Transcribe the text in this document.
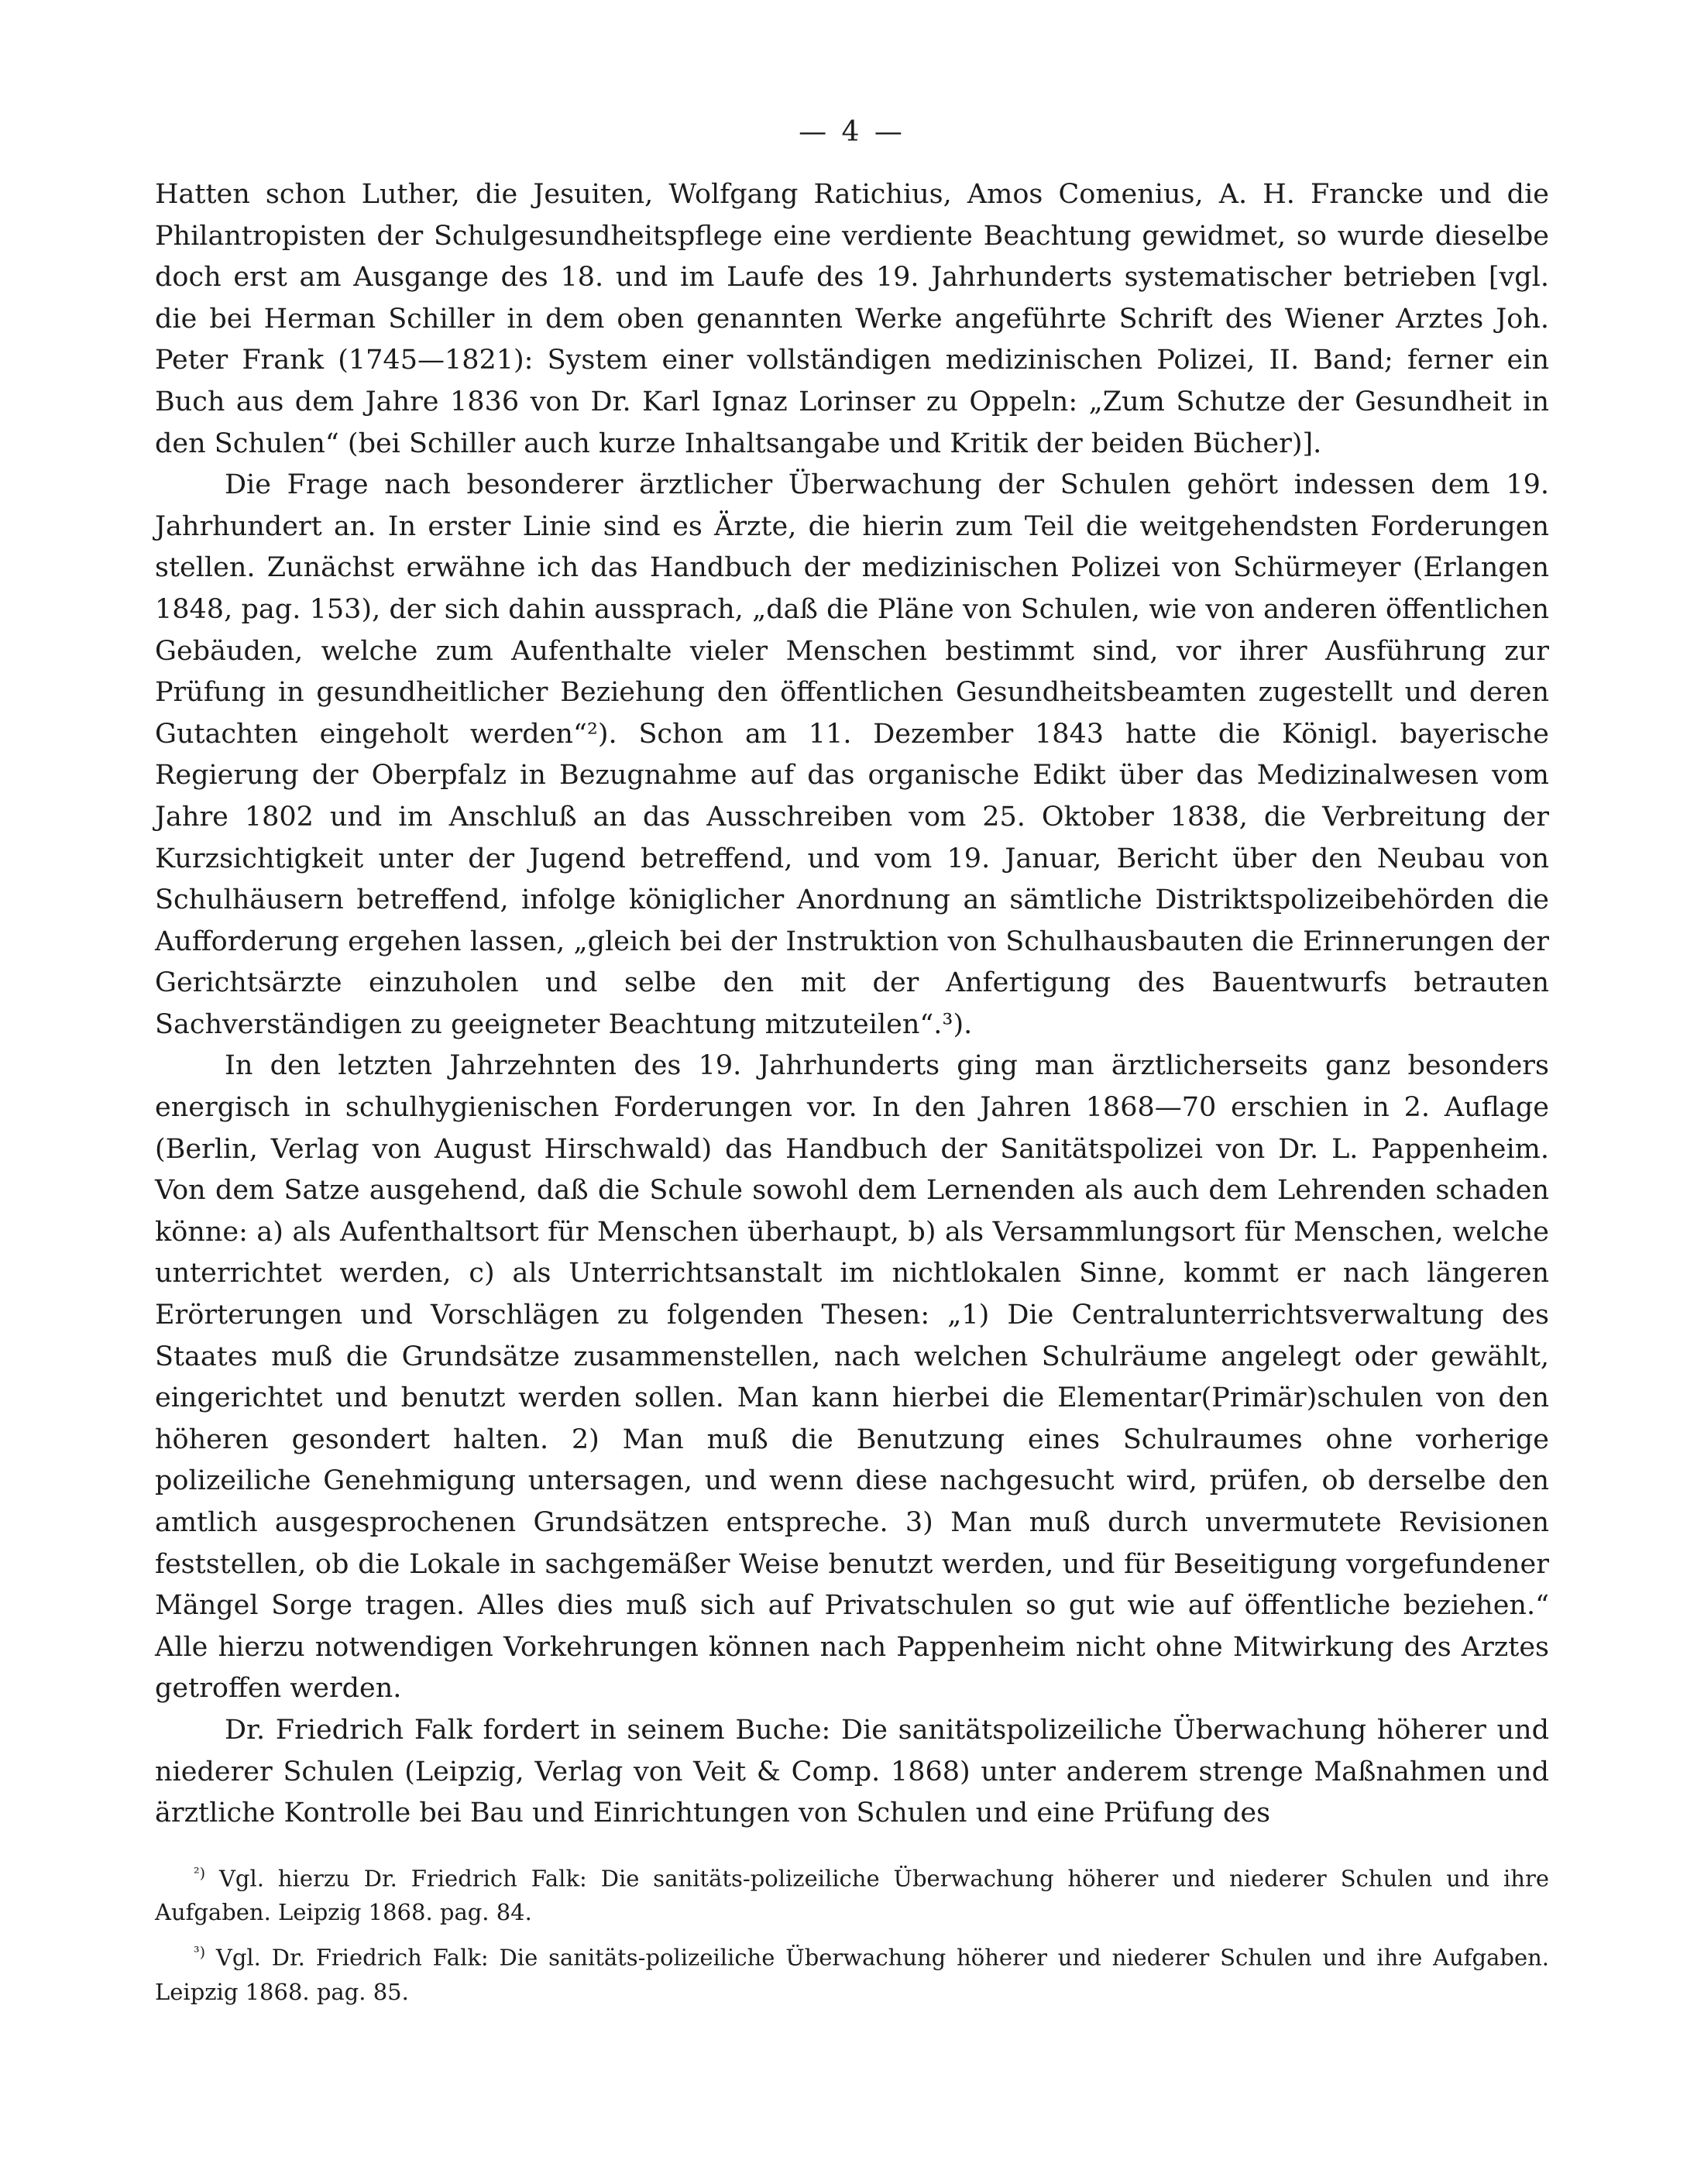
— 4 —

Hatten schon Luther, die Jesuiten, Wolfgang Ratichius, Amos Comenius, A. H. Francke und die Philantropisten der Schulgesundheitspflege eine verdiente Beachtung gewidmet, so wurde dieselbe doch erst am Ausgange des 18. und im Laufe des 19. Jahrhunderts systematischer betrieben [vgl. die bei Herman Schiller in dem oben genannten Werke angeführte Schrift des Wiener Arztes Joh. Peter Frank (1745—1821): System einer vollständigen medizinischen Polizei, II. Band; ferner ein Buch aus dem Jahre 1836 von Dr. Karl Ignaz Lorinser zu Oppeln: „Zum Schutze der Gesundheit in den Schulen“ (bei Schiller auch kurze Inhaltsangabe und Kritik der beiden Bücher)].

Die Frage nach besonderer ärztlicher Überwachung der Schulen gehört indessen dem 19. Jahrhundert an. In erster Linie sind es Ärzte, die hierin zum Teil die weitgehendsten Forderungen stellen. Zunächst erwähne ich das Handbuch der medizinischen Polizei von Schürmeyer (Erlangen 1848, pag. 153), der sich dahin aussprach, „daß die Pläne von Schulen, wie von anderen öffentlichen Gebäuden, welche zum Aufenthalte vieler Menschen bestimmt sind, vor ihrer Ausführung zur Prüfung in gesundheitlicher Beziehung den öffentlichen Gesundheitsbeamten zugestellt und deren Gutachten eingeholt werden“²). Schon am 11. Dezember 1843 hatte die Königl. bayerische Regierung der Oberpfalz in Bezugnahme auf das organische Edikt über das Medizinalwesen vom Jahre 1802 und im Anschluß an das Ausschreiben vom 25. Oktober 1838, die Verbreitung der Kurzsichtigkeit unter der Jugend betreffend, und vom 19. Januar, Bericht über den Neubau von Schulhäusern betreffend, infolge königlicher Anordnung an sämtliche Distriktspolizeibehörden die Aufforderung ergehen lassen, „gleich bei der Instruktion von Schulhausbauten die Erinnerungen der Gerichtsärzte einzuholen und selbe den mit der Anfertigung des Bauentwurfs betrauten Sachverständigen zu geeigneter Beachtung mitzuteilen“.³).

In den letzten Jahrzehnten des 19. Jahrhunderts ging man ärztlicherseits ganz besonders energisch in schulhygienischen Forderungen vor. In den Jahren 1868—70 erschien in 2. Auflage (Berlin, Verlag von August Hirschwald) das Handbuch der Sanitätspolizei von Dr. L. Pappenheim. Von dem Satze ausgehend, daß die Schule sowohl dem Lernenden als auch dem Lehrenden schaden könne: a) als Aufenthaltsort für Menschen überhaupt, b) als Versammlungsort für Menschen, welche unterrichtet werden, c) als Unterrichtsanstalt im nichtlokalen Sinne, kommt er nach längeren Erörterungen und Vorschlägen zu folgenden Thesen: „1) Die Centralunterrichtsverwaltung des Staates muß die Grundsätze zusammenstellen, nach welchen Schulräume angelegt oder gewählt, eingerichtet und benutzt werden sollen. Man kann hierbei die Elementar(Primär)schulen von den höheren gesondert halten. 2) Man muß die Benutzung eines Schulraumes ohne vorherige polizeiliche Genehmigung untersagen, und wenn diese nachgesucht wird, prüfen, ob derselbe den amtlich ausgesprochenen Grundsätzen entspreche. 3) Man muß durch unvermutete Revisionen feststellen, ob die Lokale in sachgemäßer Weise benutzt werden, und für Beseitigung vorgefundener Mängel Sorge tragen. Alles dies muß sich auf Privatschulen so gut wie auf öffentliche beziehen.“ Alle hierzu notwendigen Vorkehrungen können nach Pappenheim nicht ohne Mitwirkung des Arztes getroffen werden.

Dr. Friedrich Falk fordert in seinem Buche: Die sanitätspolizeiliche Überwachung höherer und niederer Schulen (Leipzig, Verlag von Veit & Comp. 1868) unter anderem strenge Maßnahmen und ärztliche Kontrolle bei Bau und Einrichtungen von Schulen und eine Prüfung des

$^{^2)}$ Vgl. hierzu Dr. Friedrich Falk: Die sanitäts-polizeiliche Überwachung höherer und niederer Schulen und ihre Aufgaben. Leipzig 1868. pag. 84.

$^{^3)}$ Vgl. Dr. Friedrich Falk: Die sanitäts-polizeiliche Überwachung höherer und niederer Schulen und ihre Aufgaben. Leipzig 1868. pag. 85.
